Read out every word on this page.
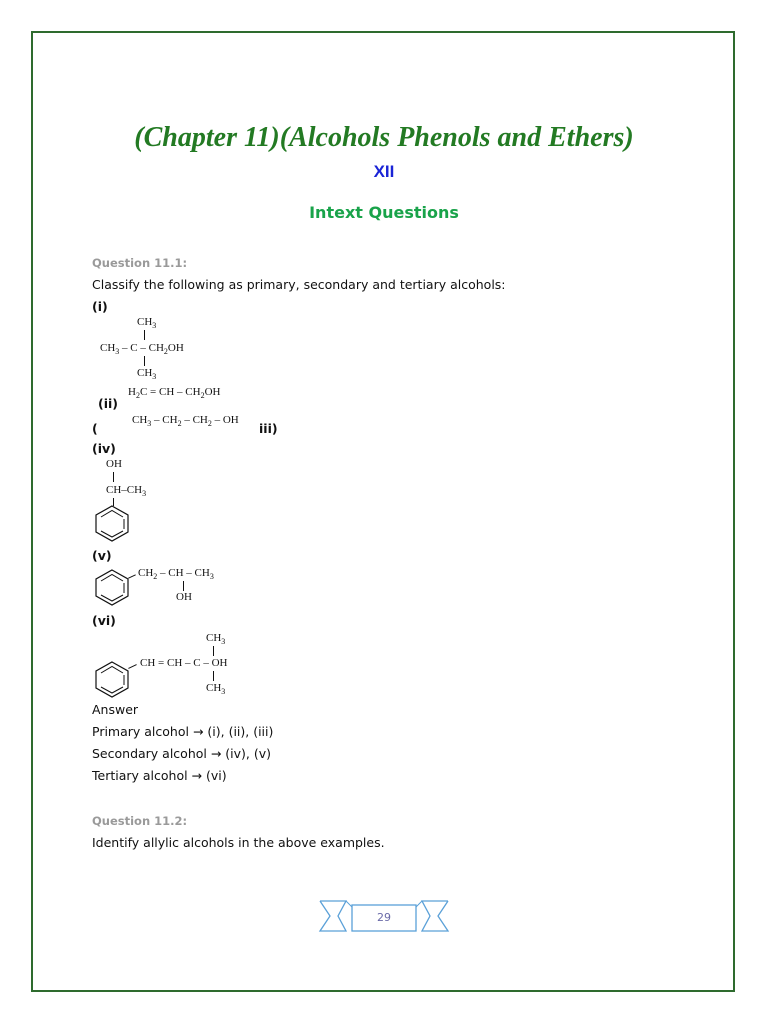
(Chapter 11)(Alcohols Phenols and Ethers)
XII
Intext Questions
Question 11.1:
Classify the following as primary, secondary and tertiary alcohols:
(i)
$CH_3$
$CH_3$ – C – $CH_2OH$
$CH_3$
$H_2C$ = CH – $CH_2OH$
(ii)
(
$CH_3 - CH_2 - CH_2$ – OH
iii)
(iv)
OH
$CH-CH_3$
(v)
$CH_2$ – CH – $CH_3$
OH
(vi)
$CH_3$
CH = CH – C – OH
$CH_3$
Answer
Primary alcohol → (i), (ii), (iii)
Secondary alcohol → (iv), (v)
Tertiary alcohol → (vi)
Question 11.2:
Identify allylic alcohols in the above examples.
29
